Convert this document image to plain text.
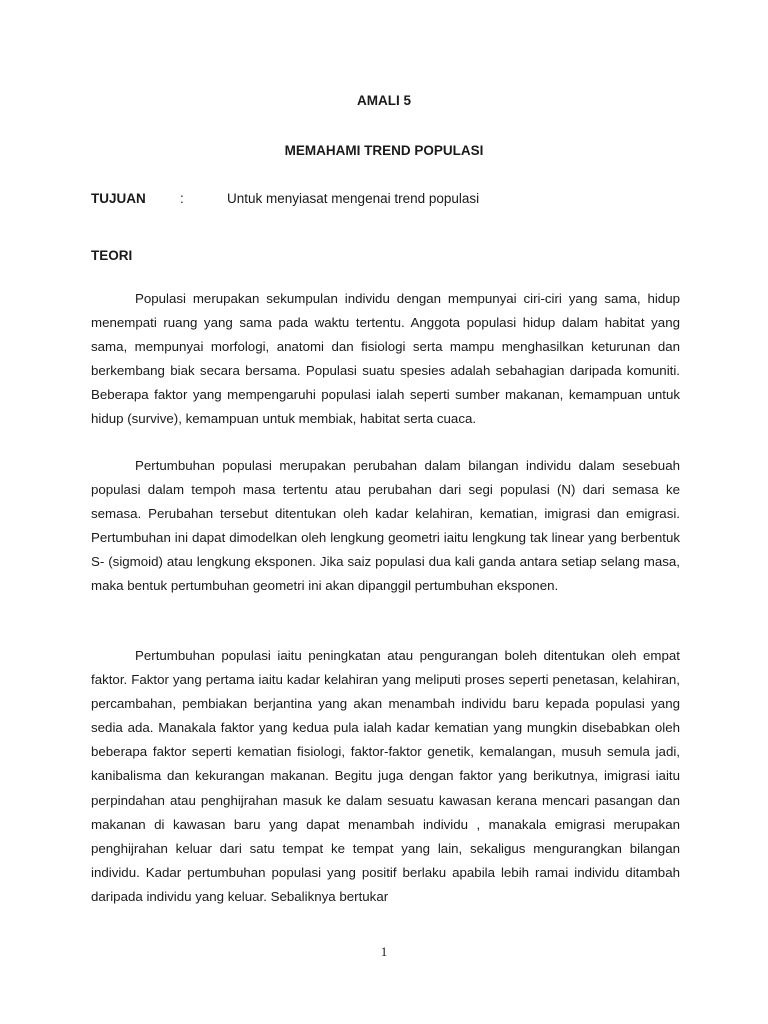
AMALI 5
MEMAHAMI TREND POPULASI
TUJUAN	:	Untuk menyiasat mengenai trend populasi
TEORI

Populasi merupakan sekumpulan individu dengan mempunyai ciri-ciri yang sama, hidup menempati ruang yang sama pada waktu tertentu. Anggota populasi hidup dalam habitat yang sama, mempunyai morfologi, anatomi dan fisiologi serta mampu menghasilkan keturunan dan berkembang biak secara bersama. Populasi suatu spesies adalah sebahagian daripada komuniti. Beberapa faktor yang mempengaruhi populasi ialah seperti sumber makanan, kemampuan untuk hidup (survive), kemampuan untuk membiak, habitat serta cuaca.

Pertumbuhan populasi merupakan perubahan dalam bilangan individu dalam sesebuah populasi dalam tempoh masa tertentu atau perubahan dari segi populasi (N) dari semasa ke semasa. Perubahan tersebut ditentukan oleh kadar kelahiran, kematian, imigrasi dan emigrasi. Pertumbuhan ini dapat dimodelkan oleh lengkung geometri iaitu lengkung tak linear yang berbentuk S- (sigmoid) atau lengkung eksponen. Jika saiz populasi dua kali ganda antara setiap selang masa, maka bentuk pertumbuhan geometri ini akan dipanggil pertumbuhan eksponen.

Pertumbuhan populasi iaitu peningkatan atau pengurangan boleh ditentukan oleh empat faktor. Faktor yang pertama iaitu kadar kelahiran yang meliputi proses seperti penetasan, kelahiran, percambahan, pembiakan berjantina yang akan menambah individu baru kepada populasi yang sedia ada. Manakala faktor yang kedua pula ialah kadar kematian yang mungkin disebabkan oleh beberapa faktor seperti kematian fisiologi, faktor-faktor genetik, kemalangan, musuh semula jadi, kanibalisma dan kekurangan makanan. Begitu juga dengan faktor yang berikutnya, imigrasi iaitu perpindahan atau penghijrahan masuk ke dalam sesuatu kawasan kerana mencari pasangan dan makanan di kawasan baru yang dapat menambah individu , manakala emigrasi merupakan penghijrahan keluar dari satu tempat ke tempat yang lain, sekaligus mengurangkan bilangan individu. Kadar pertumbuhan populasi yang positif berlaku apabila lebih ramai individu ditambah daripada individu yang keluar. Sebaliknya bertukar

1
